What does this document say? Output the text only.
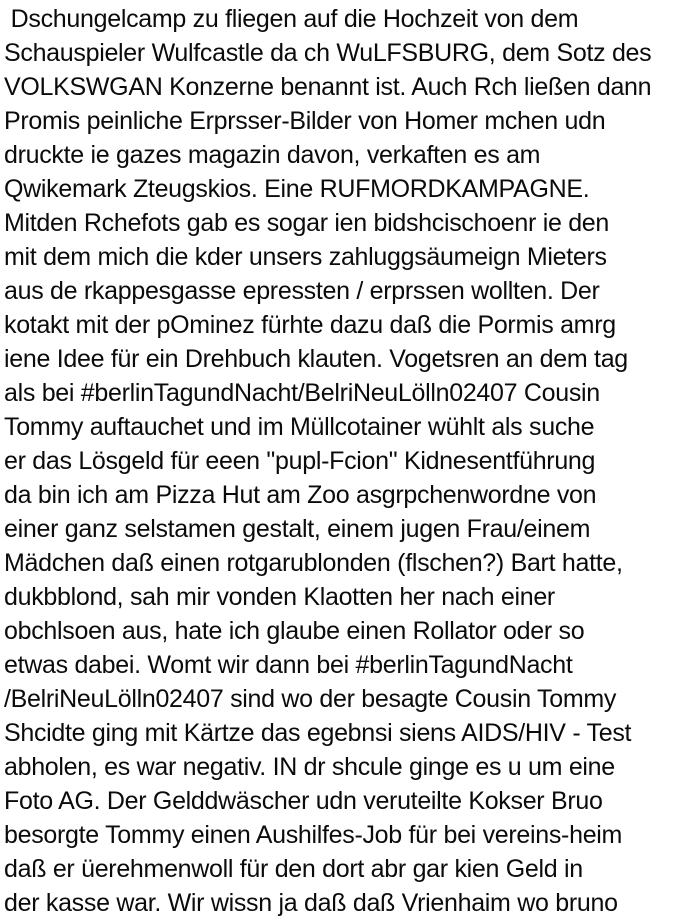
Dschungelcamp zu fliegen auf die Hochzeit von dem
Schauspieler Wulfcastle da ch WuLFSBURG, dem Sotz des
VOLKSWGAN Konzerne benannt ist. Auch Rch ließen dann
Promis peinliche Erprsser-Bilder von Homer mchen udn
druckte ie gazes magazin davon, verkaften es am
Qwikemark Zteugskios. Eine RUFMORDKAMPAGNE.
Mitden Rchefots gab es sogar ien bidshcischoenr ie den
mit dem mich die kder unsers zahluggsäumeign Mieters
aus de rkappesgasse epressten / erprssen wollten. Der
kotakt mit der pOminez fürhte dazu daß die Pormis amrg
iene Idee für ein Drehbuch klauten. Vogetsren an dem tag
als bei #berlinTagundNacht/BelriNeuLölln02407 Cousin
Tommy auftauchet und im Müllcotainer wühlt als suche
er das Lösgeld für eeen "pupl-Fcion" Kidnesentführung
da bin ich am Pizza Hut am Zoo asgrpchenwordne von
einer ganz selstamen gestalt, einem jugen Frau/einem
Mädchen daß einen rotgarublonden (flschen?) Bart hatte,
dukbblond, sah mir vonden Klaotten her nach einer
obchlsoen aus, hate ich glaube einen Rollator oder so
etwas dabei. Womt wir dann bei #berlinTagundNacht
/BelriNeuLölln02407 sind wo der besagte Cousin Tommy
Shcidte ging mit Kärtze das egebnsi siens AIDS/HIV - Test
abholen, es war negativ. IN dr shcule ginge es u um eine
Foto AG. Der Gelddwäscher udn veruteilte Kokser Bruo
besorgte Tommy einen Aushilfes-Job für bei vereins-heim
daß er üerehmenwoll für den dort abr gar kien Geld in
der kasse war. Wir wissn ja daß daß Vrienhaim wo bruno
